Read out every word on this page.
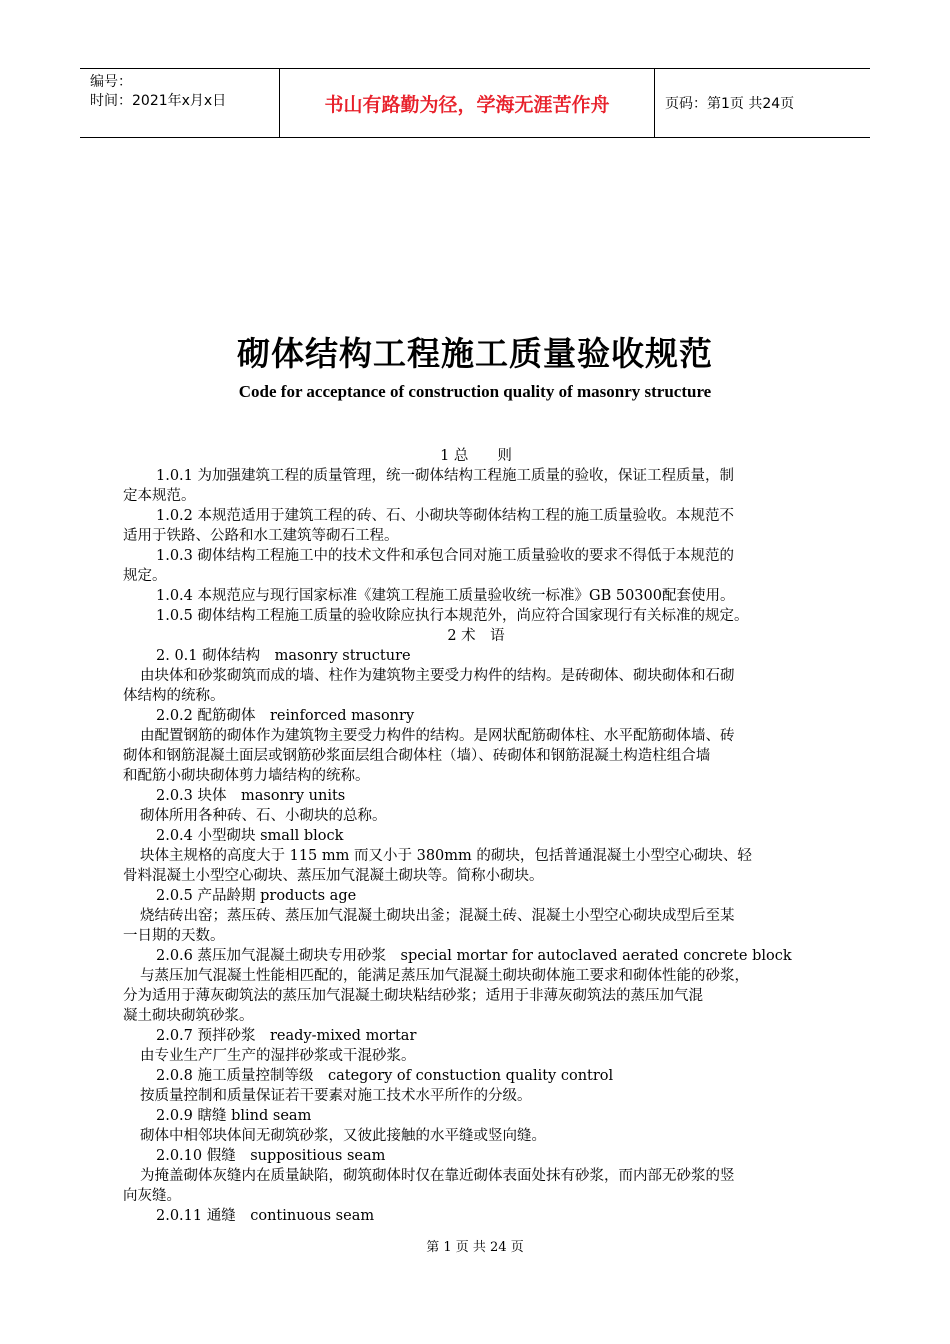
编号：
时间：2021年x月x日	书山有路勤为径，学海无涯苦作舟	页码：第1页 共24页
砌体结构工程施工质量验收规范
Code for acceptance of construction quality of masonry structure

1 总　　则

1.0.1 为加强建筑工程的质量管理，统一砌体结构工程施工质量的验收，保证工程质量，制

定本规范。

1.0.2 本规范适用于建筑工程的砖、石、小砌块等砌体结构工程的施工质量验收。本规范不

适用于铁路、公路和水工建筑等砌石工程。

1.0.3 砌体结构工程施工中的技术文件和承包合同对施工质量验收的要求不得低于本规范的

规定。

1.0.4 本规范应与现行国家标准《建筑工程施工质量验收统一标准》GB 50300配套使用。

1.0.5 砌体结构工程施工质量的验收除应执行本规范外，尚应符合国家现行有关标准的规定。

2 术　语

2. 0.1 砌体结构　masonry structure

由块体和砂浆砌筑而成的墙、柱作为建筑物主要受力构件的结构。是砖砌体、砌块砌体和石砌

体结构的统称。

2.0.2 配筋砌体　reinforced masonry

由配置钢筋的砌体作为建筑物主要受力构件的结构。是网状配筋砌体柱、水平配筋砌体墙、砖

砌体和钢筋混凝土面层或钢筋砂浆面层组合砌体柱（墙）、砖砌体和钢筋混凝土构造柱组合墙

和配筋小砌块砌体剪力墙结构的统称。

2.0.3 块体　masonry units

砌体所用各种砖、石、小砌块的总称。

2.0.4 小型砌块 small block

块体主规格的高度大于 115 mm 而又小于 380mm 的砌块，包括普通混凝土小型空心砌块、轻

骨料混凝土小型空心砌块、蒸压加气混凝土砌块等。简称小砌块。

2.0.5 产品龄期 products age

烧结砖出窑；蒸压砖、蒸压加气混凝土砌块出釜；混凝土砖、混凝土小型空心砌块成型后至某

一日期的天数。

2.0.6 蒸压加气混凝土砌块专用砂浆　special mortar for autoclaved aerated concrete block

与蒸压加气混凝土性能相匹配的，能满足蒸压加气混凝土砌块砌体施工要求和砌体性能的砂浆，

分为适用于薄灰砌筑法的蒸压加气混凝土砌块粘结砂浆；适用于非薄灰砌筑法的蒸压加气混

凝土砌块砌筑砂浆。

2.0.7 预拌砂浆　ready-mixed mortar

由专业生产厂生产的湿拌砂浆或干混砂浆。

2.0.8 施工质量控制等级　category of constuction quality control

按质量控制和质量保证若干要素对施工技术水平所作的分级。

2.0.9 瞎缝 blind seam

砌体中相邻块体间无砌筑砂浆，又彼此接触的水平缝或竖向缝。

2.0.10 假缝　suppositious seam

为掩盖砌体灰缝内在质量缺陷，砌筑砌体时仅在靠近砌体表面处抹有砂浆，而内部无砂浆的竖

向灰缝。

2.0.11 通缝　continuous seam

第 1 页 共 24 页
